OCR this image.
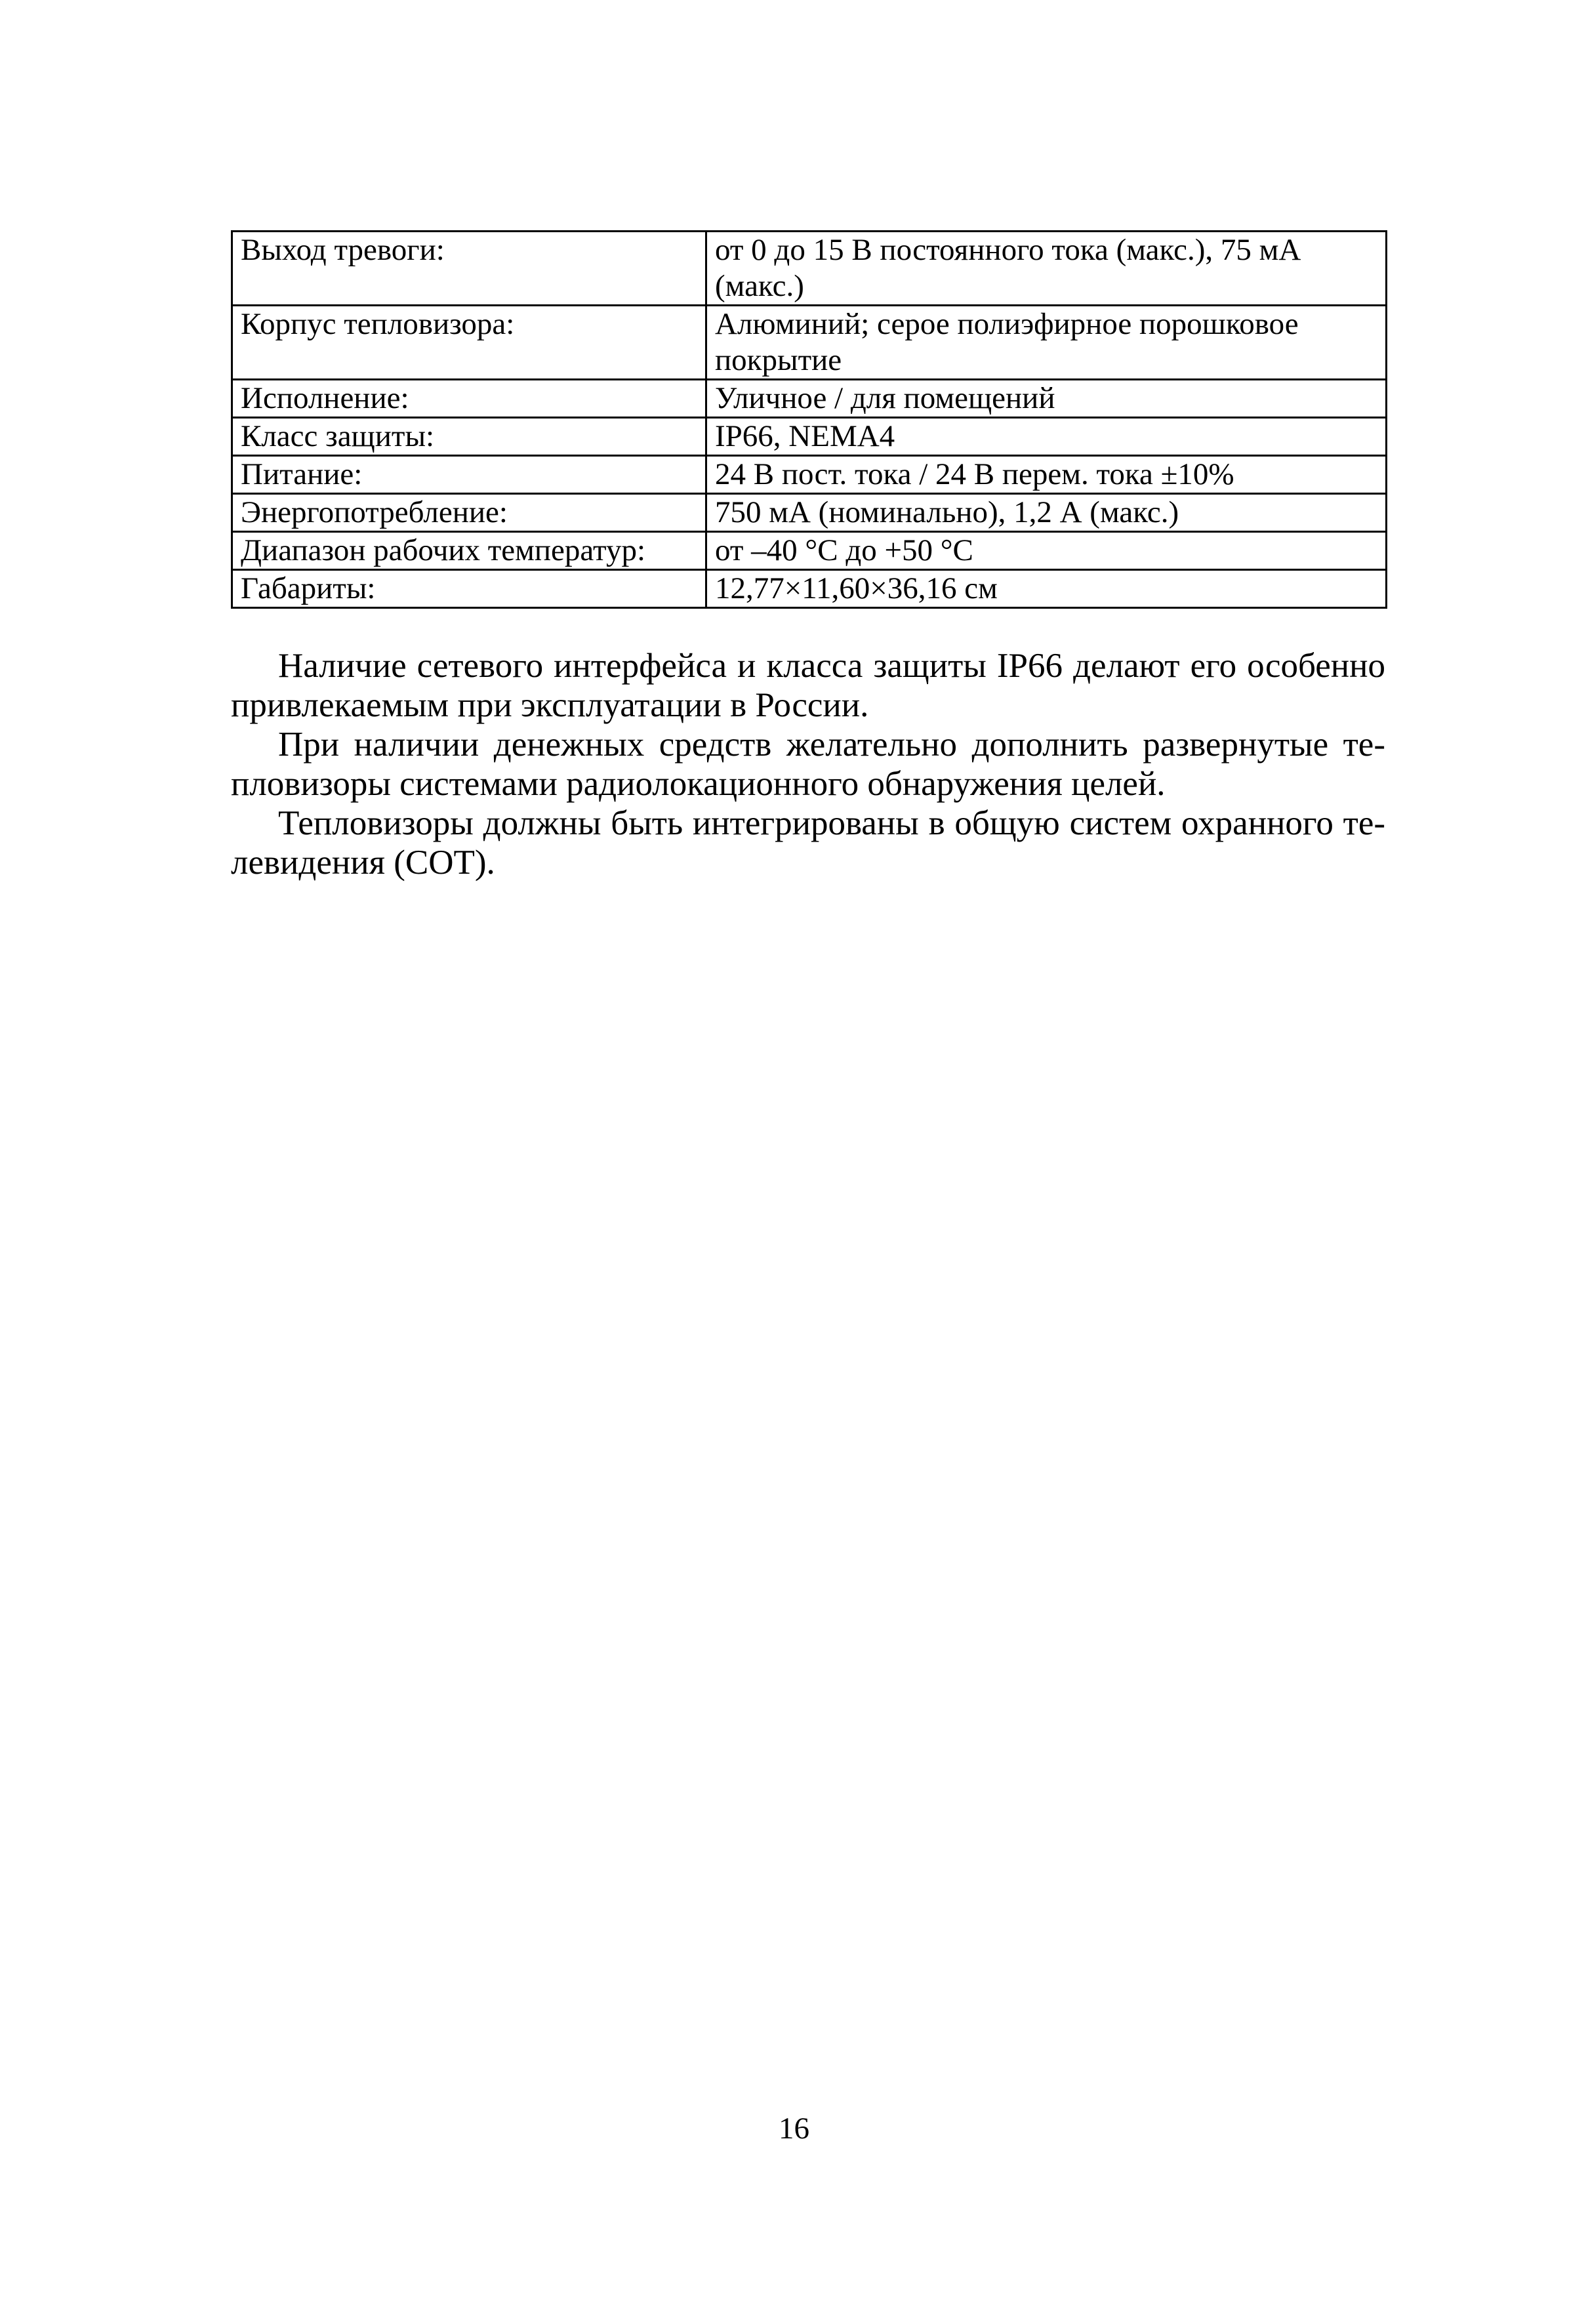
Выход тревоги:	от 0 до 15 В постоянного тока (макс.), 75 мА (макс.)
Корпус тепловизора:	Алюминий; серое полиэфирное порошковое покрытие
Исполнение:	Уличное / для помещений
Класс защиты:	IP66, NEMA4
Питание:	24 В пост. тока / 24 В перем. тока ±10%
Энергопотребление:	750 мА (номинально), 1,2 А (макс.)
Диапазон рабочих температур:	от –40 °С до +50 °С
Габариты:	12,77×11,60×36,16 см

Наличие сетевого интерфейса и класса защиты IP66 делают его особенно привлекаемым при эксплуатации в России.

При наличии денежных средств желательно дополнить развернутые тепловизоры системами радиолокационного обнаружения целей.

Тепловизоры должны быть интегрированы в общую систем охранного телевидения (СОТ).

16
